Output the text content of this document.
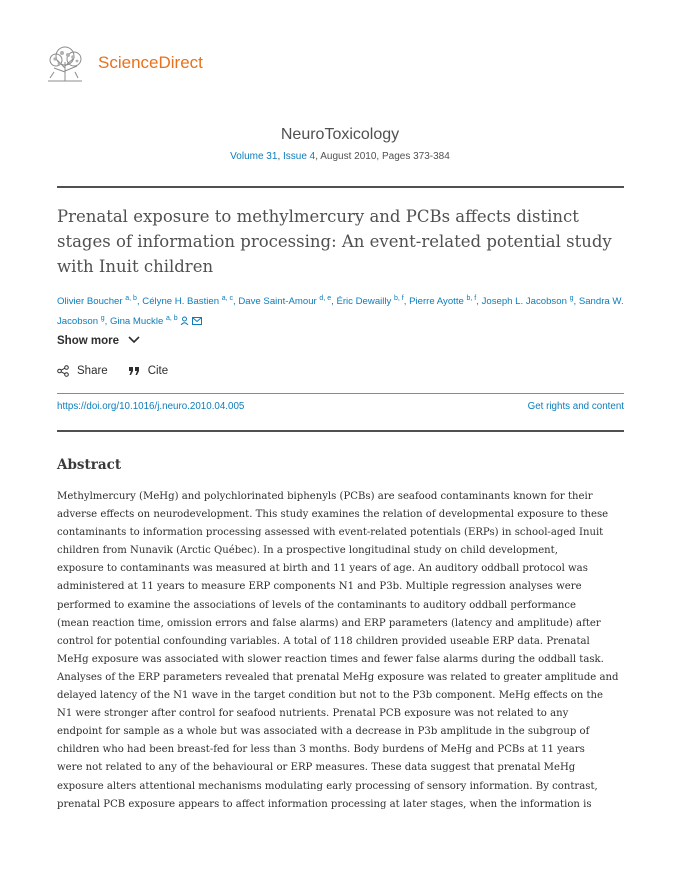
ScienceDirect
NeuroToxicology
Volume 31, Issue 4, August 2010, Pages 373-384
Prenatal exposure to methylmercury and PCBs affects distinct stages of information processing: An event-related potential study with Inuit children
Olivier Boucher $^{a, b}$, Célyne H. Bastien $^{a, c}$, Dave Saint-Amour $^{d, e}$, Éric Dewailly $^{b, f}$, Pierre Ayotte $^{b, f}$, Joseph L. Jacobson $^g$, Sandra W.
Jacobson $^g$, Gina Muckle $^{a, b}$
Show more
Share	Cite
https://doi.org/10.1016/j.neuro.2010.04.005	Get rights and content
Abstract
Methylmercury (MeHg) and polychlorinated biphenyls (PCBs) are seafood contaminants known for their
adverse effects on neurodevelopment. This study examines the relation of developmental exposure to these
contaminants to information processing assessed with event-related potentials (ERPs) in school-aged Inuit
children from Nunavik (Arctic Québec). In a prospective longitudinal study on child development,
exposure to contaminants was measured at birth and 11 years of age. An auditory oddball protocol was
administered at 11 years to measure ERP components N1 and P3b. Multiple regression analyses were
performed to examine the associations of levels of the contaminants to auditory oddball performance
(mean reaction time, omission errors and false alarms) and ERP parameters (latency and amplitude) after
control for potential confounding variables. A total of 118 children provided useable ERP data. Prenatal
MeHg exposure was associated with slower reaction times and fewer false alarms during the oddball task.
Analyses of the ERP parameters revealed that prenatal MeHg exposure was related to greater amplitude and
delayed latency of the N1 wave in the target condition but not to the P3b component. MeHg effects on the
N1 were stronger after control for seafood nutrients. Prenatal PCB exposure was not related to any
endpoint for sample as a whole but was associated with a decrease in P3b amplitude in the subgroup of
children who had been breast-fed for less than 3 months. Body burdens of MeHg and PCBs at 11 years
were not related to any of the behavioural or ERP measures. These data suggest that prenatal MeHg
exposure alters attentional mechanisms modulating early processing of sensory information. By contrast,
prenatal PCB exposure appears to affect information processing at later stages, when the information is
